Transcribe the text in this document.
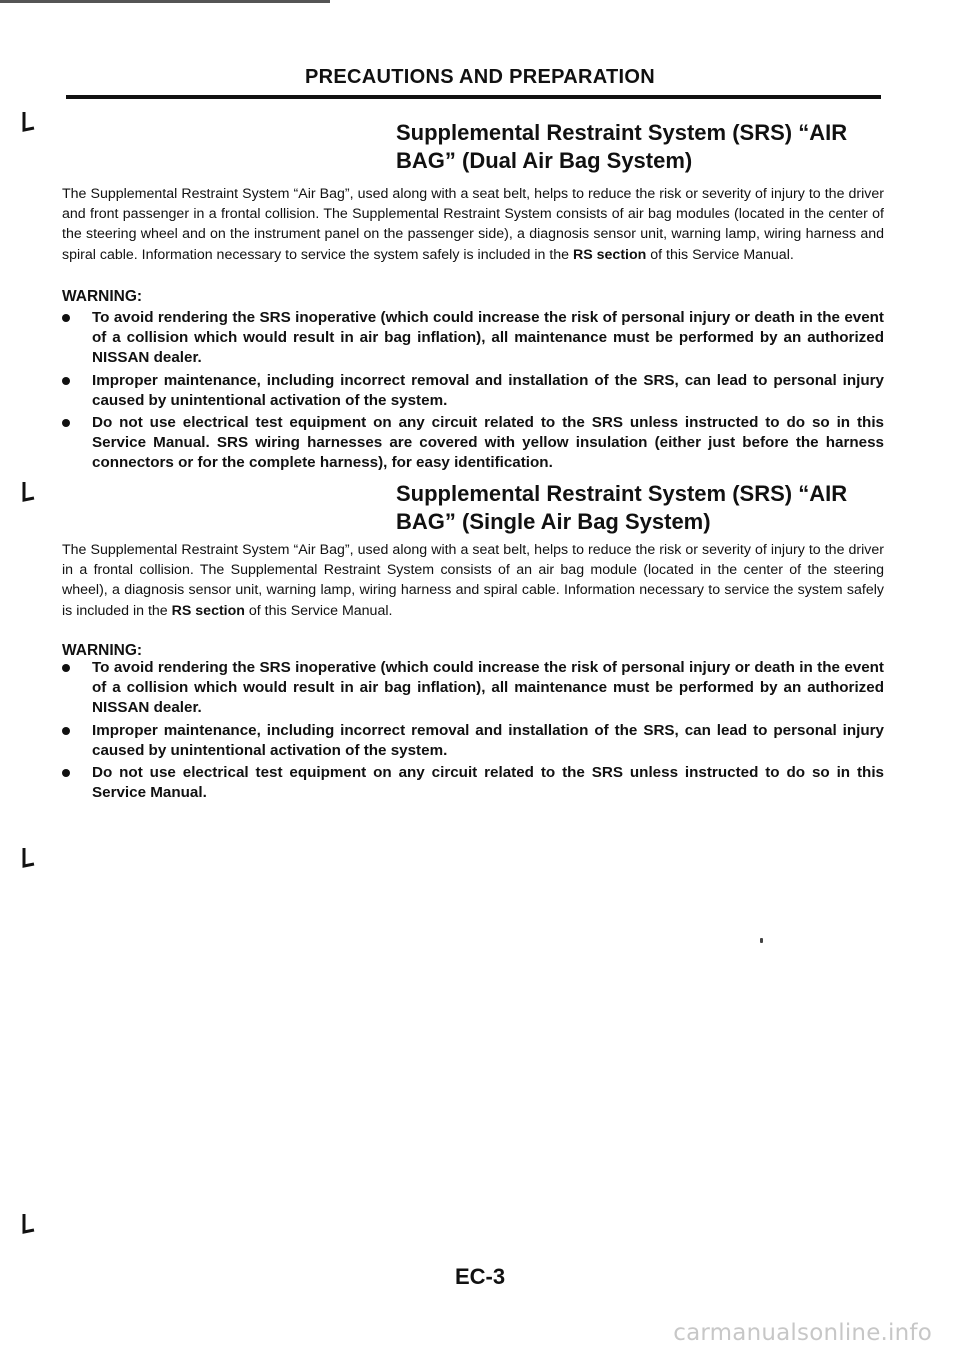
PRECAUTIONS AND PREPARATION
Supplemental Restraint System (SRS) “AIR
BAG” (Dual Air Bag System)
The Supplemental Restraint System “Air Bag”, used along with a seat belt, helps to reduce the risk or severity of injury to the driver and front passenger in a frontal collision. The Supplemental Restraint System consists of air bag modules (located in the center of the steering wheel and on the instrument panel on the passenger side), a diagnosis sensor unit, warning lamp, wiring harness and spiral cable. Information necessary to service the system safely is included in the RS section of this Service Manual.
WARNING:
To avoid rendering the SRS inoperative (which could increase the risk of personal injury or death in the event of a collision which would result in air bag inflation), all maintenance must be performed by an authorized NISSAN dealer.
Improper maintenance, including incorrect removal and installation of the SRS, can lead to personal injury caused by unintentional activation of the system.
Do not use electrical test equipment on any circuit related to the SRS unless instructed to do so in this Service Manual. SRS wiring harnesses are covered with yellow insulation (either just before the harness connectors or for the complete harness), for easy identification.
Supplemental Restraint System (SRS) “AIR
BAG” (Single Air Bag System)
The Supplemental Restraint System “Air Bag”, used along with a seat belt, helps to reduce the risk or severity of injury to the driver in a frontal collision. The Supplemental Restraint System consists of an air bag module (located in the center of the steering wheel), a diagnosis sensor unit, warning lamp, wiring harness and spiral cable. Information necessary to service the system safely is included in the RS section of this Service Manual.
WARNING:
To avoid rendering the SRS inoperative (which could increase the risk of personal injury or death in the event of a collision which would result in air bag inflation), all maintenance must be performed by an authorized NISSAN dealer.
Improper maintenance, including incorrect removal and installation of the SRS, can lead to personal injury caused by unintentional activation of the system.
Do not use electrical test equipment on any circuit related to the SRS unless instructed to do so in this Service Manual.
EC-3
carmanualsonline.info
